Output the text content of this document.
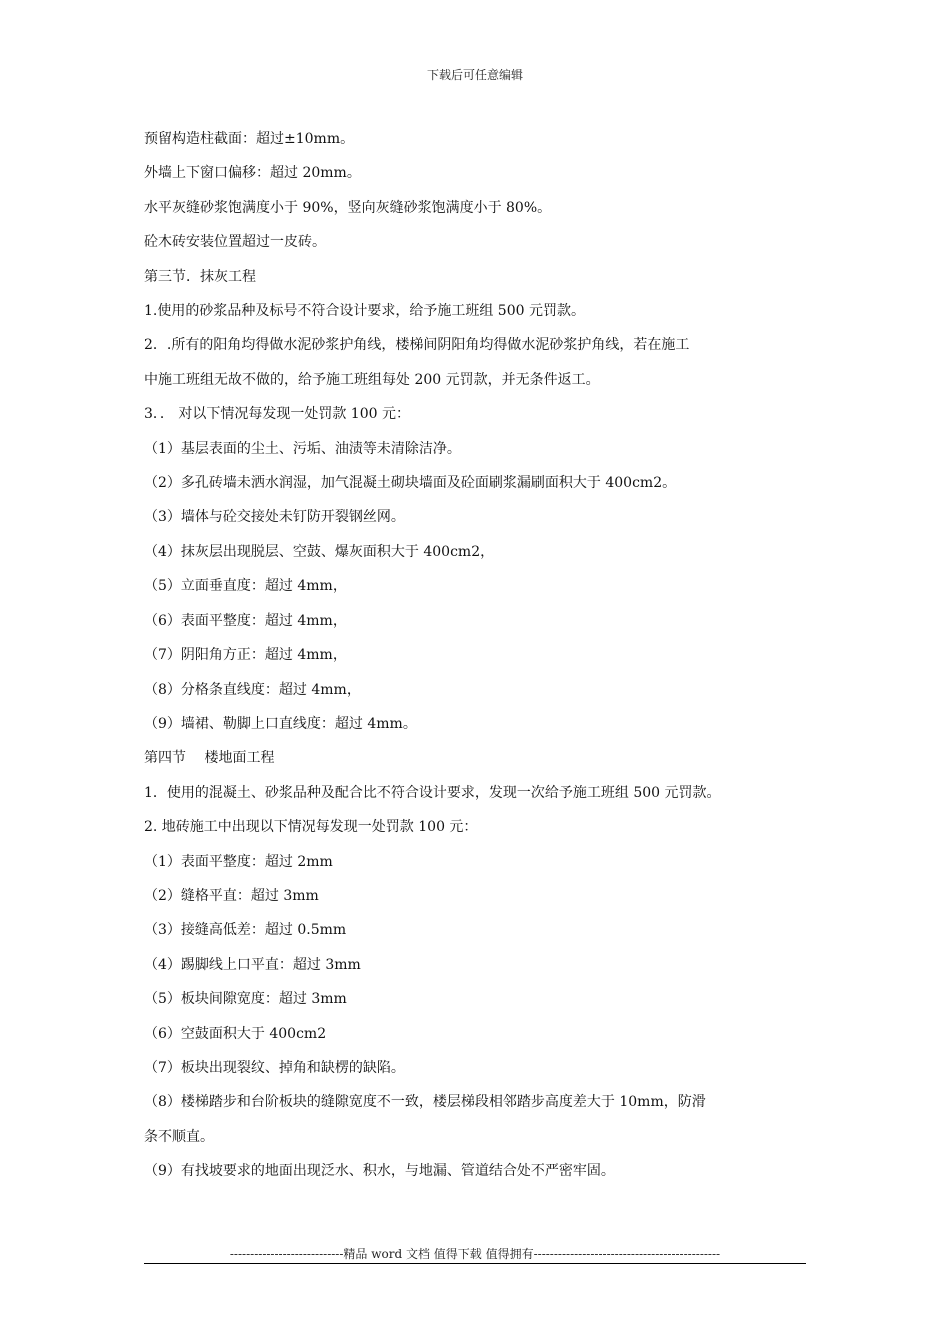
下载后可任意编辑

预留构造柱截面：超过±10mm。

外墙上下窗口偏移：超过 20mm。

水平灰缝砂浆饱满度小于 90%，竖向灰缝砂浆饱满度小于 80%。

砼木砖安装位置超过一皮砖。

第三节．抹灰工程

1.使用的砂浆品种及标号不符合设计要求，给予施工班组 500 元罚款。

2．.所有的阳角均得做水泥砂浆护角线，楼梯间阴阳角均得做水泥砂浆护角线，若在施工

中施工班组无故不做的，给予施工班组每处 200 元罚款，并无条件返工。

3．． 对以下情况每发现一处罚款 100 元：

（1）基层表面的尘土、污垢、油渍等未清除洁净。

（2）多孔砖墙未洒水润湿，加气混凝土砌块墙面及砼面刷浆漏刷面积大于 400cm2。

（3）墙体与砼交接处未钉防开裂钢丝网。

（4）抹灰层出现脱层、空鼓、爆灰面积大于 400cm2，

（5）立面垂直度：超过 4mm，

（6）表面平整度：超过 4mm，

（7）阴阳角方正：超过 4mm，

（8）分格条直线度：超过 4mm，

（9）墙裙、勒脚上口直线度：超过 4mm。

第四节　 楼地面工程

1．使用的混凝土、砂浆品种及配合比不符合设计要求，发现一次给予施工班组 500 元罚款。

2. 地砖施工中出现以下情况每发现一处罚款 100 元：

（1）表面平整度：超过 2mm

（2）缝格平直：超过 3mm

（3）接缝高低差：超过 0.5mm

（4）踢脚线上口平直：超过 3mm

（5）板块间隙宽度：超过 3mm

（6）空鼓面积大于 400cm2

（7）板块出现裂纹、掉角和缺楞的缺陷。

（8）楼梯踏步和台阶板块的缝隙宽度不一致，楼层梯段相邻踏步高度差大于 10mm，防滑

条不顺直。

（9）有找坡要求的地面出现泛水、积水，与地漏、管道结合处不严密牢固。

----------------------------精品 word 文档 值得下载 值得拥有----------------------------------------------
